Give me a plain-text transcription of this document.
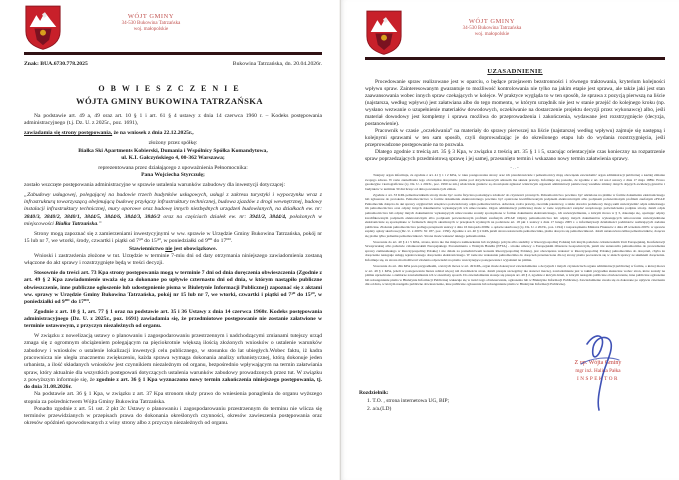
WÓJT GMINY
34-530 Bukowina Tatrzańska
woj. małopolskie
Znak: BUA.6730.778.2025	Bukowina Tatrzańska, dn. 20.04.2026r.
O B W I E S Z C Z E N I E
WÓJTA GMINY BUKOWINA TATRZAŃSKA

Na podstawie art. 49 a, 49 oraz art. 10 § 1 i art. 61 § 4 ustawy z dnia 14 czerwca 1960 r. – Kodeks postępowania administracyjnego (t.j. Dz. U. z 2025r., poz. 1691),

zawiadamia się strony postępowania, że na wniosek z dnia 22.12.2025r.,

złożony przez spółkę:

Białka Ski Apartments Kobierski, Dumania i Wspólnicy Spółka Komandytowa,

ul. K.I. Gałczyńskiego 4, 00-362 Warszawa;

reprezentowana przez działającego z upoważnienia Pełnomocnika:

Pana Wojciecha Styrczulę;

zostało wszczęte postępowania administracyjne w sprawie ustalenia warunków zabudowy dla inwestycji dotyczącej:

„Zabudowy usługowej, polegającej na budowie trzech budynków usługowych, usługi z zakresu turystyki i wypoczynku wraz z infrastrukturą towarzyszącą obejmującą budowę przyłączy infrastruktury technicznej, budowa zjazdów z drogi wewnętrznej, budowy instalacji infrastruktury technicznej, mury oporowe oraz budowę innych niezbędnych urządzeń budowlanych, na działkach ew. nr: 3840/3, 3840/2, 3840/1, 3844/5, 3844/6, 3844/3, 3846/2 oraz na częściach działek ew. nr: 3941/2, 3844/4, położonych w miejscowości Białka Tatrzańska.”

Strony mogą zapoznać się z zamierzeniami inwestycyjnymi w ww. sprawie w Urzędzie Gminy Bukowina Tatrzańska, pokój nr 15 lub nr 7, we wtorki, środy, czwartki i piątki od 7³⁰ do 15³⁰, w poniedziałki od 9⁰⁰ do 17⁰⁰.

Stawiennictwo nie jest obowiązkowe.

Wnioski i zastrzeżenia złożone w tut. Urzędzie w terminie 7-miu dni od daty otrzymania niniejszego zawiadomienia zostaną włączone do akt sprawy i rozstrzygnięte będą w treści decyzji.

Stosownie do treści art. 73 Kpa strony postępowania mogą w terminie 7 dni od dnia doręczenia obwieszczenia (Zgodnie z art. 49 § 2 Kpa zawiadomienie uważa się za dokonane po upływie czternastu dni od dnia, w którym nastąpiło publiczne obwieszczenie, inne publiczne ogłoszenie lub udostępnienie pisma w Biuletynie Informacji Publicznej) zapoznać się z aktami ww. sprawy w Urzędzie Gminy Bukowina Tatrzańska, pokój nr 15 lub nr 7, we wtorki, czwartki i piątki od 7³⁰ do 15³⁰, w poniedziałki od 9⁰⁰ do 17⁰⁰.

Zgodnie z art. 10 § 1, art. 77 § 1 oraz na podstawie art. 35 i 36 Ustawy z dnia 14 czerwca 1960r. Kodeks postępowania administracyjnego (Dz. U. z 2025r., poz. 1691) zawiadamia się, że przedmiotowe postępowanie nie zostanie załatwione w terminie ustawowym, z przyczyn niezależnych od organu.

W związku z nowelizacją ustawy o planowaniu i zagospodarowaniu przestrzennym i nadchodzącymi zmianami tutejszy urząd zmaga się z ogromnym obciążeniem polegającym na pięciokrotnie większą ilością złożonych wniosków o ustalenie warunków zabudowy i wniosków o ustalenie lokalizacji inwestycji celu publicznego, w stosunku do lat ubiegłych.Wobec faktu, iż kadra pracownicza nie uległa znacznemu zwiększeniu, każda sprawa wymaga dokonania analizy urbanistycznej, którą dokonuje jeden urbanista, a ilość składanych wniosków jest czynnikiem niezależnym od organu, bezpośrednio wpływającym na termin załatwiania spraw, który aktualnie dla wszystkich postępowań dotyczących ustalenia warunków zabudowy prowadzonych przez tut. W związku z powyższym informuje się, że zgodnie z art. 36 § 1 Kpa wyznaczono nowy termin zakończenia niniejszego postępowania, tj. do dnia 31.08.2026r.

Na podstawie art. 36 § 1 Kpa, w związku z art. 37 Kpa stronom służy prawo do wniesienia ponaglenia do organu wyższego stopnia za pośrednictwem Wójta Gminy Bukowina Tatrzańska.

Ponadto zgodnie z art. 51 ust. 2 pkt 2c Ustawy o planowaniu i zagospodarowaniu przestrzennym do terminu nie wlicza się terminów przewidzianych w przepisach prawa do dokonania określonych czynności, okresów zawieszenia postępowania oraz okresów opóźnień spowodowanych z winy strony albo z przyczyn niezależnych od organu.

WÓJT GMINY
34-530 Bukowina Tatrzańska
woj. małopolskie

UZASADNIENIE

Procedowanie spraw realizowane jest w oparciu, o będące przejawem bezstronności i równego traktowania, kryterium kolejności wpływu spraw. Zainteresowanym gwarantuje to możliwość kontrolowania nie tylko na jakim etapie jest sprawa, ale także jaki jest stan zaawansowania wobec innych spraw czekających w kolejce. W praktyce wygląda to w ten sposób, że sprawa z pozycją pierwszą na liście (najstarsza, według wpływu) jest załatwiana albo do tego momentu, w którym urzędnik nie jest w stanie przejść do kolejnego kroku (np. wysłano wezwanie o uzupełnienie materiałów dowodowych, oczekiwanie na dostarczenie projektu decyzji przez wykonawcę) albo, jeśli materiał dowodowy jest kompletny i sprawa możliwa do przeprowadzenia i zakończenia, wydawane jest rozstrzygnięcie (decyzja, postanowienie).

Pracownik w czasie „oczekiwania” na materiały do sprawy pierwszej na liście (najstarszej według wpływu) zajmuje się następną i kolejnymi sprawami w ten sam sposób, czyli doprowadzając je do określonego etapu lub do wydania rozstrzygnięcia, jeśli przeprowadzone postępowanie na to pozwala.

Dlatego zgodnie z treścią art. 35 § 3 Kpa, w związku z treścią art. 35 § 1 i 5, szacując orientacyjnie czas konieczny na rozpatrzenie spraw poprzedzających przedmiotową sprawę i jej samej, przesunięto termin i wskazano nowy termin załatwienia sprawy.

-..-

Tutejszy organ informuje, że zgodnie z art. 41 § 1 i 2 KPA, w toku postępowania strony oraz ich przedstawiciele i pełnomocnicy mają obowiązek zawiadomić organ administracji publicznej o każdej zmianie swojego adresu. W razie zaniedbania tego obowiązku doręczenie pisma pod dotychczasowym adresem ma skutek prawny. Informuje się ponadto, że zgodnie z art. 22 ust.2 ustawy z dnia 17 maja 1989r. Prawo geodezyjne i kartograficzne (t.j. Dz. U. z 2023r., poz. 1990 ze zm.) właściciele gruntów są obowiązani zgłaszać właściwym organom administracji państwowej wszelkie zmiany danych objętych ewidencją gruntów i budynków w terminie 30 dni licząc od dnia powstania tych zmian.

Zgodnie z art. 33 KPA pełnomocnikiem strony może być osoba fizyczna posiadająca zdolność do czynności prawnych. Pełnomocnictwo powinno być udzielone na piśmie w formie dokumentu elektronicznego lub zgłoszone do protokołu. Pełnomocnictwo w formie dokumentu elektronicznego powinno być opatrzone kwalifikowanym podpisem elektronicznym albo podpisem potwierdzonym profilem zaufanym ePUAP. Pełnomocnik dołącza do akt sprawy oryginał lub urzędowo poświadczony odpis pełnomocnictwa. Adwokat, radca prawny, rzecznik patentowy, a także doradca podatkowy mogą sami uwierzytelnić odpis udzielonego im pełnomocnictwa oraz odpisy innych dokumentów wykazujących ich umocowanie. Organ administracji publicznej może w razie wątpliwości zażądać urzędowego poświadczenia podpisu strony. Jeżeli odpis pełnomocnictwa lub odpisy innych dokumentów wykazujących umocowanie zostały sporządzone w formie dokumentu elektronicznego, ich uwierzytelnienia, o którym mowa w § 3, dokonuje się, opatrując odpisy kwalifikowanym podpisem elektronicznym albo podpisem potwierdzonym profilem zaufanym ePUAP. Odpisy pełnomocnictwa lub odpisy innych dokumentów wykazujących umocowanie uwierzytelniane elektronicznie są sporządzane w formatach danych określonych w przepisach wydanych na podstawie art. 18 pkt 1 ustawy z dnia 17 lutego 2005 r. o informatyzacji działalności podmiotów realizujących zadania publiczne. Złożenie pełnomocnictwa podlega przepisom ustawy z dnia 16 listopada 2006r. o opłacie skarbowej (t.j. Dz. U. z 2023r., poz. 1194) i rozporządzenia Ministra Finansów z dnia 28 września 2007r. w sprawie zapłaty opłaty skarbowej (Dz. U. z 2007r. Nr 187, poz. 1330). Zgodnie z art. 40 § 2 KPA jeżeli strona ustanowiła pełnomocnika, pisma doręcza się pełnomocnikowi. Jeżeli ustanowiono kilku pełnomocników, doręcza się pisma tylko jednemu pełnomocnikowi. Strona może wskazać takiego pełnomocnika.

Stosownie do art. 40 § 4 i 5 KPA, strona, która nie ma miejsca zamieszkania lub zwykłego pobytu albo siedziby w Rzeczypospolitej Polskiej lub innym państwie członkowskim Unii Europejskiej, Konfederacji Szwajcarskiej albo państwie członkowskim Europejskiego Porozumienia o Wolnym Handlu (EFTA) - stronie umowy o Europejskim Obszarze Gospodarczym, jeżeli nie ustanowiła pełnomocnika do prowadzenia sprawy zamieszkałego w Rzeczypospolitej Polskiej i nie działa za pośrednictwem konsula Rzeczypospolitej Polskiej, jest obowiązana wskazać w Rzeczypospolitej Polskiej pełnomocnika do doręczeń, chyba że doręczenie następuje usługą rejestrowanego doręczenia elektronicznego. W razie nie wskazania pełnomocnika do doręczeń przeznaczone dla tej strony pisma pozostawia się w aktach sprawy ze skutkiem doręczenia. Informuje się, że strona ma możliwość złożenia odpowiedzi na pismo wszczynające postępowanie i wyjaśnień na piśmie.

Stosownie do art. 49a KPA poza przypadkami, o których mowa w art. 49 KPA, organ może dokonywać zawiadomienia o decyzjach i innych czynnościach organu administracji publicznej w formie, o której mowa w art. 49 § 1 KPA, jeżeli w postępowaniu bierze udział więcej niż dwadzieścia stron. Jeżeli przepis szczególny nie stanowi inaczej, zawiadomienie jest w takim przypadku skuteczne wobec stron, które zostały na piśmie uprzedzone o zamiarze zawiadamiania ich w określony sposób. Do zawiadomienia stosuje się przepis art. 49 § 2, zgodnie z którym dzień, w którym nastąpiło publiczne obwieszczenie, inne publiczne ogłoszenie lub udostępnienie pisma w Biuletynie Informacji Publicznej wskazuje się w treści tego obwieszczenia, ogłoszenia lub w Biuletynie Informacji Publicznej. Zawiadomienie uważa się za dokonane po upływie czternastu dni od dnia, w którym nastąpiło publiczne obwieszczenie, inne publiczne ogłoszenie lub udostępnienie pisma w Biuletynie Informacji Publicznej.

Z up. Wójta Gminy
mgr inż. Halina Pałka
INSPEKTOR
Rozdzielnik:
1. T.O. , strona internetowa UG, BIP;
2. a/a.(LD)
